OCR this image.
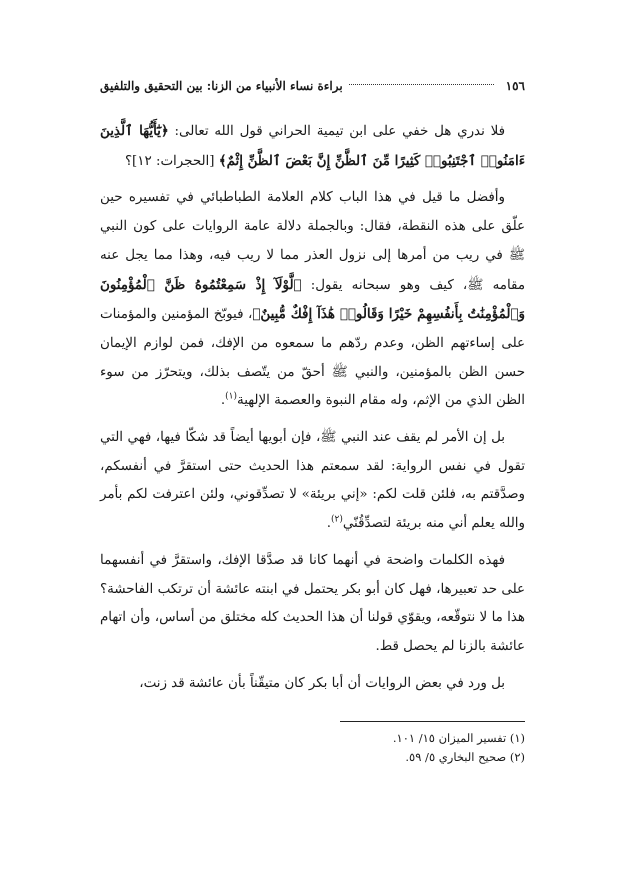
١٥٦
براءة نساء الأنبياء من الزنا: بين التحقيق والتلفيق

فلا ندري هل خفي على ابن تيمية الحراني قول الله تعالى: ﴿يَٰٓأَيُّهَا ٱلَّذِينَ ءَامَنُوا۟ ٱجْتَنِبُوا۟ كَثِيرًا مِّنَ ٱلظَّنِّ إِنَّ بَعْضَ ٱلظَّنِّ إِثْمٌ﴾ [الحجرات: ١٢]؟

وأفضل ما قيل في هذا الباب كلام العلامة الطباطبائي في تفسيره حين علّق على هذه النقطة، فقال: وبالجملة دلالة عامة الروايات على كون النبي ﷺ في ريب من أمرها إلى نزول العذر مما لا ريب فيه، وهذا مما يجل عنه مقامه ﷺ، كيف وهو سبحانه يقول: ﴿لَّوْلَآ إِذْ سَمِعْتُمُوهُ ظَنَّ ٱلْمُؤْمِنُونَ وَٱلْمُؤْمِنَٰتُ بِأَنفُسِهِمْ خَيْرًا وَقَالُوا۟ هَٰذَآ إِفْكٌ مُّبِينٌ﴾، فيوبّخ المؤمنين والمؤمنات على إساءتهم الظن، وعدم ردّهم ما سمعوه من الإفك، فمن لوازم الإيمان حسن الظن بالمؤمنين، والنبي ﷺ أحقّ من يتّصف بذلك، ويتحرّز من سوء الظن الذي من الإثم، وله مقام النبوة والعصمة الإلهية$^{(١)}$.

بل إن الأمر لم يقف عند النبي ﷺ، فإن أبويها أيضاً قد شكّا فيها، فهي التي تقول في نفس الرواية: لقد سمعتم هذا الحديث حتى استقرَّ في أنفسكم، وصدَّقتم به، فلئن قلت لكم: «إني بريئة» لا تصدِّقوني، ولئن اعترفت لكم بأمر والله يعلم أني منه بريئة لتصدِّقُنّي$^{(٢)}$.

فهذه الكلمات واضحة في أنهما كانا قد صدَّقا الإفك، واستقرَّ في أنفسهما على حد تعبيرها، فهل كان أبو بكر يحتمل في ابنته عائشة أن ترتكب الفاحشة؟ هذا ما لا نتوقّعه، ويقوّي قولنا أن هذا الحديث كله مختلق من أساس، وأن اتهام عائشة بالزنا لم يحصل قط.

بل ورد في بعض الروايات أن أبا بكر كان متيقّناً بأن عائشة قد زنت،

(١) تفسير الميزان ١٥/ ١٠١.

(٢) صحيح البخاري ٥/ ٥٩.
